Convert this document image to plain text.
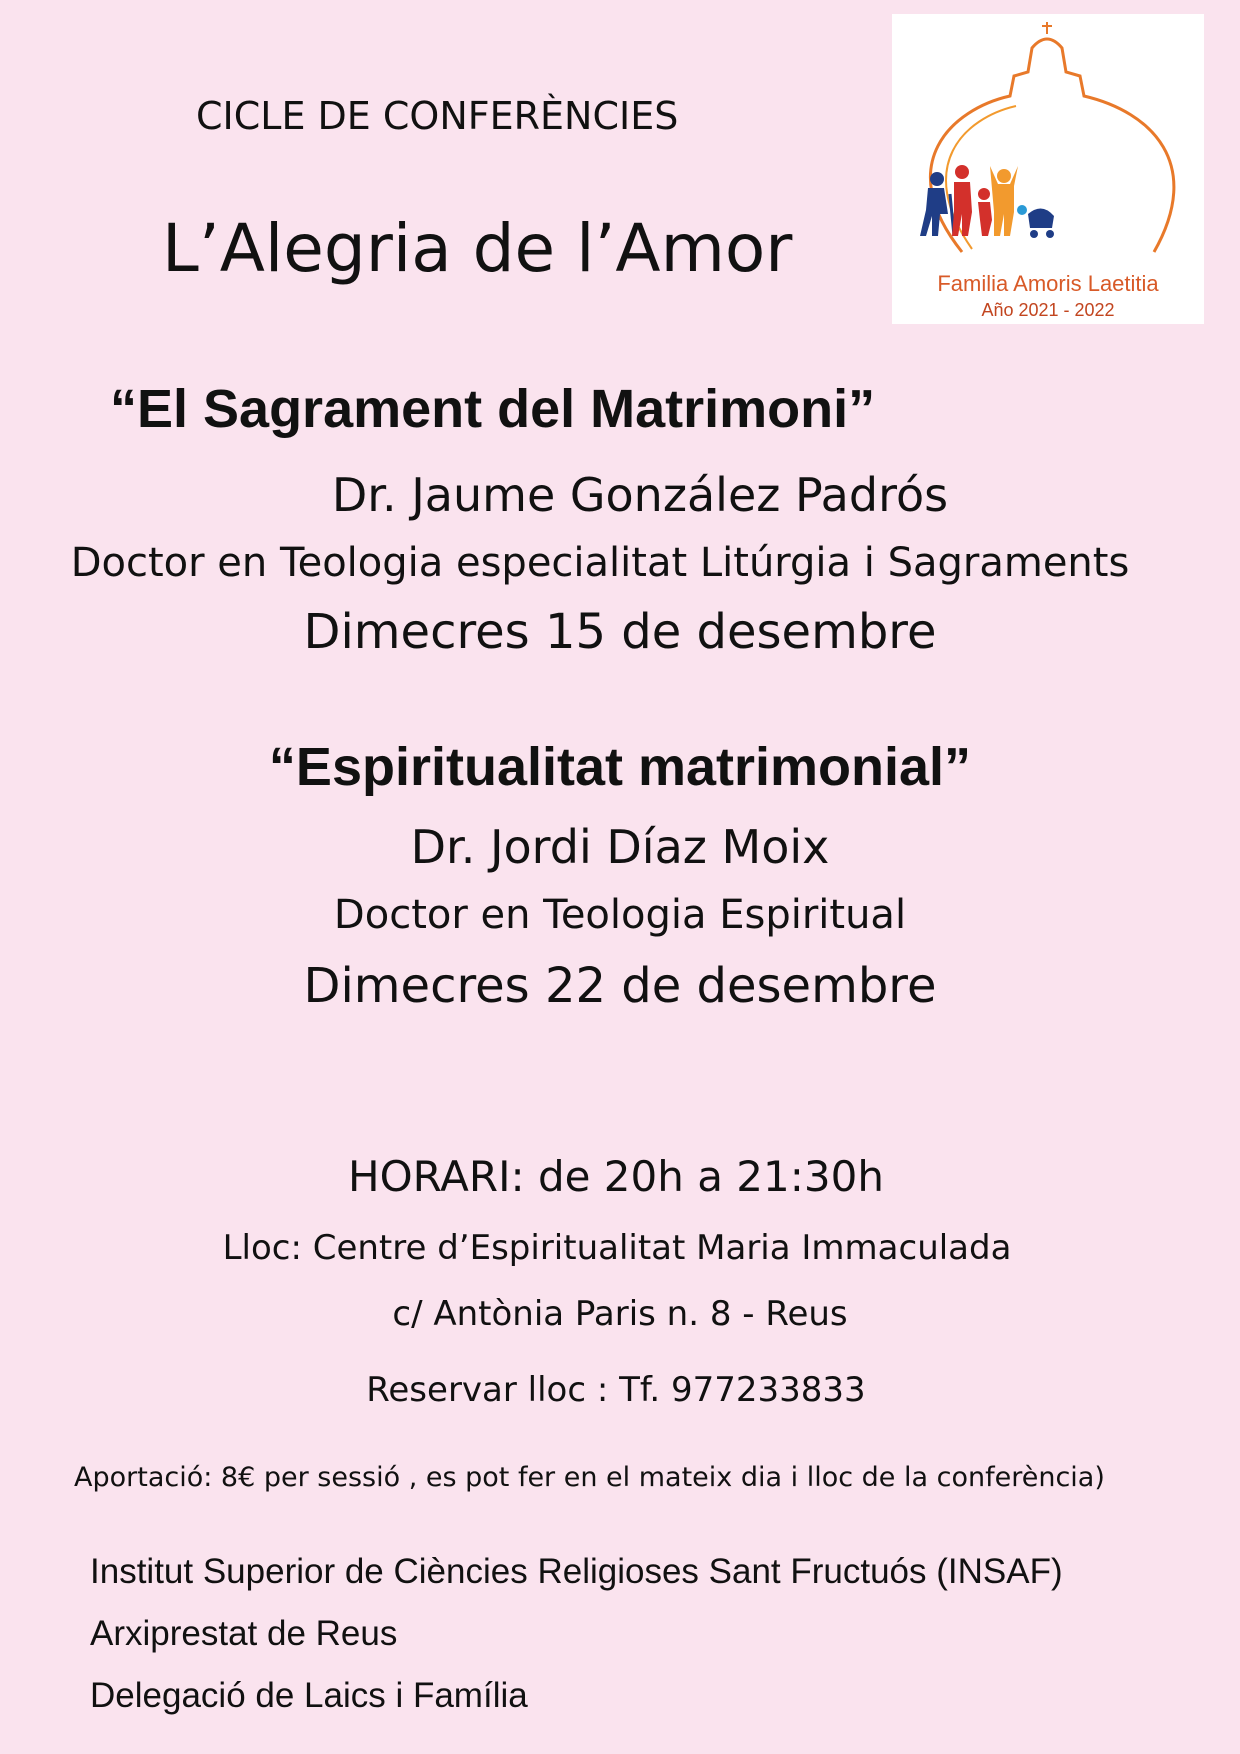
CICLE DE CONFERÈNCIES
L’Alegria de l’Amor	Familia Amoris Laetitia
Año 2021 - 2022
“El Sagrament del Matrimoni”
Dr. Jaume González Padrós
Doctor en Teologia especialitat Litúrgia i Sagraments
Dimecres 15 de desembre
“Espiritualitat matrimonial”
Dr. Jordi Díaz Moix
Doctor en Teologia Espiritual
Dimecres 22 de desembre
HORARI: de 20h a 21:30h
Lloc: Centre d’Espiritualitat Maria Immaculada
c/ Antònia Paris n. 8 - Reus
Reservar lloc : Tf. 977233833
Aportació: 8€ per sessió , es pot fer en el mateix dia i lloc de la conferència)
Institut Superior de Ciències Religioses Sant Fructuós (INSAF)
Arxiprestat de Reus
Delegació de Laics i Família
